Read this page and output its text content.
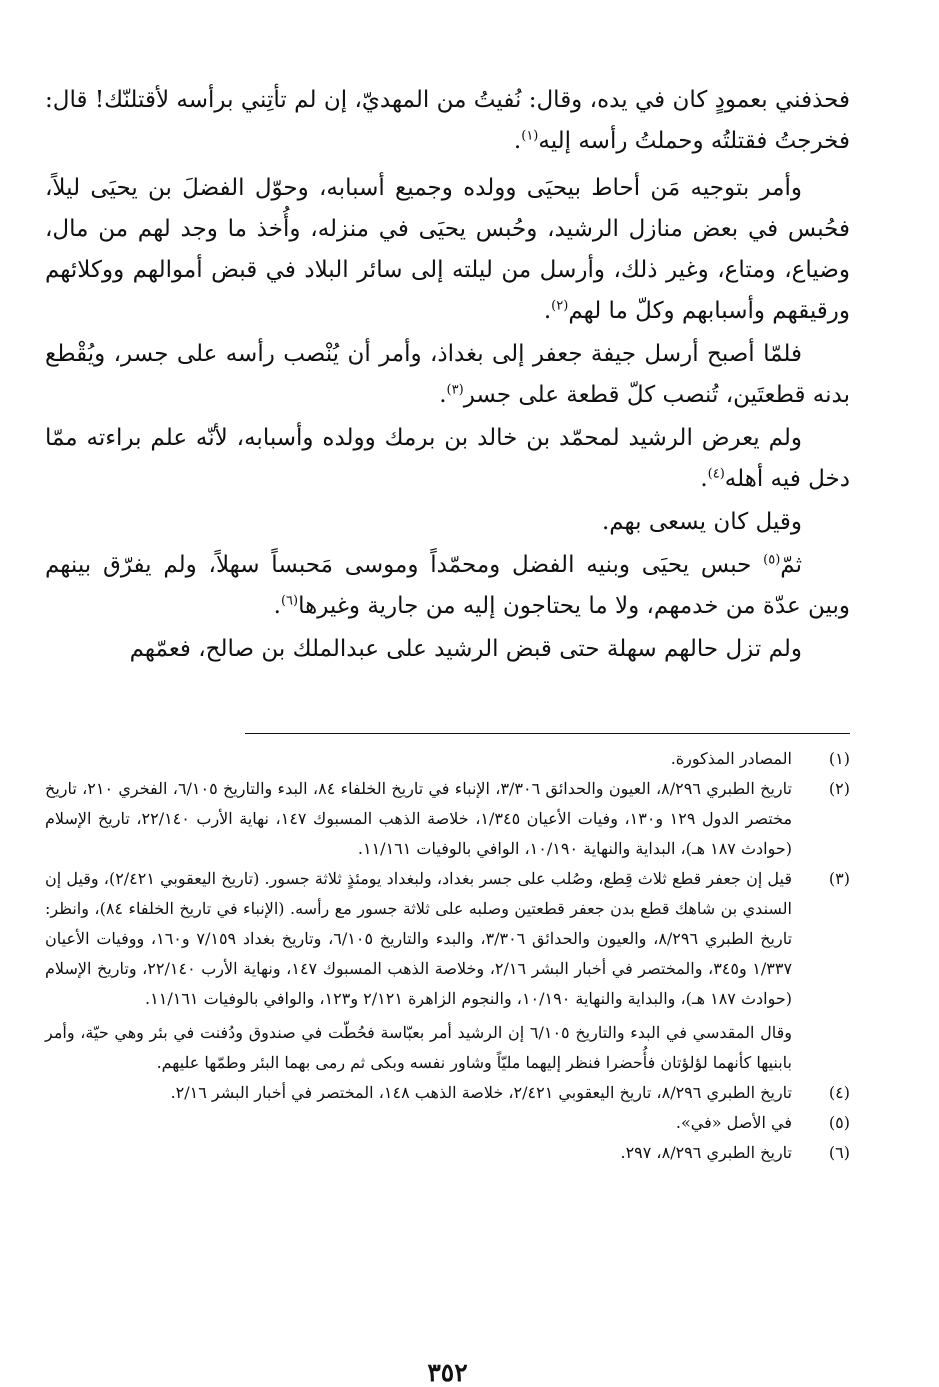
فحذفني بعمودٍ كان في يده، وقال: نُفيتُ من المهديّ، إن لم تأتِني برأسه لأقتلنّك! قال: فخرجتُ فقتلتُه وحملتُ رأسه إليه$^{(١)}$.

وأمر بتوجيه مَن أحاط بيحيَى وولده وجميع أسبابه، وحوّل الفضلَ بن يحيَى ليلاً، فحُبس في بعض منازل الرشيد، وحُبس يحيَى في منزله، وأُخذ ما وجد لهم من مال، وضياع، ومتاع، وغير ذلك، وأرسل من ليلته إلى سائر البلاد في قبض أموالهم ووكلائهم ورقيقهم وأسبابهم وكلّ ما لهم$^{(٢)}$.

فلمّا أصبح أرسل جيفة جعفر إلى بغداذ، وأمر أن يُنْصب رأسه على جسر، ويُقْطع بدنه قطعتَين، تُنصب كلّ قطعة على جسر$^{(٣)}$.

ولم يعرض الرشيد لمحمّد بن خالد بن برمك وولده وأسبابه، لأنّه علم براءته ممّا دخل فيه أهله$^{(٤)}$.

وقيل كان يسعى بهم.

ثمّ$^{(٥)}$ حبس يحيَى وبنيه الفضل ومحمّداً وموسى مَحبساً سهلاً، ولم يفرّق بينهم وبين عدّة من خدمهم، ولا ما يحتاجون إليه من جارية وغيرها$^{(٦)}$.

ولم تزل حالهم سهلة حتى قبض الرشيد على عبدالملك بن صالح، فعمّهم

(١)
المصادر المذكورة.
(٢)
تاريخ الطبري ٨/٢٩٦، العيون والحدائق ٣/٣٠٦، الإنباء في تاريخ الخلفاء ٨٤، البدء والتاريخ ٦/١٠٥، الفخري ٢١٠، تاريخ مختصر الدول ١٢٩ و١٣٠، وفيات الأعيان ١/٣٤٥، خلاصة الذهب المسبوك ١٤٧، نهاية الأرب ٢٢/١٤٠، تاريخ الإسلام (حوادث ١٨٧ هـ)، البداية والنهاية ١٠/١٩٠، الوافي بالوفيات ١١/١٦١.
(٣)
قيل إن جعفر قطع ثلاث قِطع، وصُلب على جسر بغداد، ولبغداد يومئذٍ ثلاثة جسور. (تاريخ اليعقوبي ٢/٤٢١)، وقيل إن السندي بن شاهك قطع بدن جعفر قطعتين وصلبه على ثلاثة جسور مع رأسه. (الإنباء في تاريخ الخلفاء ٨٤)، وانظر: تاريخ الطبري ٨/٢٩٦، والعيون والحدائق ٣/٣٠٦، والبدء والتاريخ ٦/١٠٥، وتاريخ بغداد ٧/١٥٩ و١٦٠، ووفيات الأعيان ١/٣٣٧ و٣٤٥، والمختصر في أخبار البشر ٢/١٦، وخلاصة الذهب المسبوك ١٤٧، ونهاية الأرب ٢٢/١٤٠، وتاريخ الإسلام (حوادث ١٨٧ هـ)، والبداية والنهاية ١٠/١٩٠، والنجوم الزاهرة ٢/١٢١ و١٢٣، والوافي بالوفيات ١١/١٦١.
وقال المقدسي في البدء والتاريخ ٦/١٠٥ إن الرشيد أمر بعبّاسة فحُطّت في صندوق ودُفنت في بئر وهي حيّة، وأمر بابنيها كأنهما لؤلؤتان فأُحضرا فنظر إليهما مليّاً وشاور نفسه وبكى ثم رمى بهما البئر وطمّها عليهم.
(٤)
تاريخ الطبري ٨/٢٩٦، تاريخ اليعقوبي ٢/٤٢١، خلاصة الذهب ١٤٨، المختصر في أخبار البشر ٢/١٦.
(٥)
في الأصل «في».
(٦)
تاريخ الطبري ٨/٢٩٦، ٢٩٧.
٣٥٢
